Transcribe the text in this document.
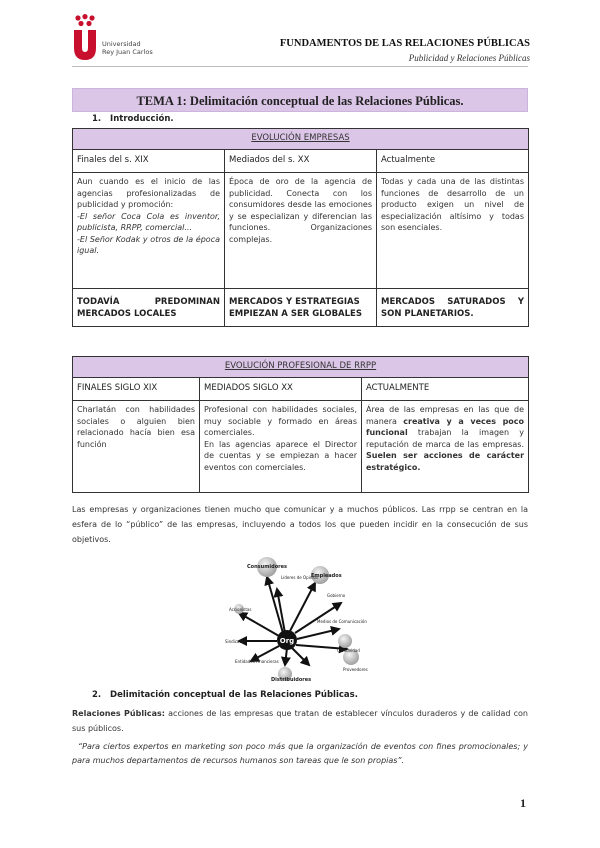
Universidad
Rey Juan Carlos
FUNDAMENTOS DE LAS RELACIONES PÚBLICAS
Publicidad y Relaciones Públicas
TEMA 1: Delimitación conceptual de las Relaciones Públicas.
1. Introducción.
EVOLUCIÓN EMPRESAS		
Finales del s. XIX	Mediados del s. XX	Actualmente
Aun cuando es el inicio de las agencias profesionalizadas de publicidad y promoción:
-El señor Coca Cola es inventor, publicista, RRPP, comercial...
-El Señor Kodak y otros de la época igual.	Época de oro de la agencia de publicidad. Conecta con los consumidores desde las emociones y se especializan y diferencian las funciones. Organizaciones complejas.	Todas y cada una de las distintas funciones de desarrollo de un producto exigen un nivel de especialización altísimo y todas son esenciales.
TODAVÍA PREDOMINAN MERCADOS LOCALES	MERCADOS Y ESTRATEGIAS EMPIEZAN A SER GLOBALES	MERCADOS SATURADOS Y SON PLANETARIOS.
EVOLUCIÓN PROFESIONAL DE RRPP		
FINALES SIGLO XIX	MEDIADOS SIGLO XX	ACTUALMENTE
Charlatán con habilidades sociales o alguien bien relacionado hacía bien esa función	Profesional con habilidades sociales, muy sociable y formado en áreas comerciales.
En las agencias aparece el Director de cuentas y se empiezan a hacer eventos con comerciales.	Área de las empresas en las que de manera creativa y a veces poco funcional trabajan la imagen y reputación de marca de las empresas. Suelen ser acciones de carácter estratégico.
Las empresas y organizaciones tienen mucho que comunicar y a muchos públicos. Las rrpp se centran en la esfera de lo “público” de las empresas, incluyendo a todos los que pueden incidir en la consecución de sus objetivos.
Org
Consumidores
Empleados
Líderes de Opinión
Accionistas
Gobierno
Medios de Comunicación
Comunidad
Proveedores
Sindicatos
Entidades Financieras
Distribuidores
2. Delimitación conceptual de las Relaciones Públicas.
Relaciones Públicas: acciones de las empresas que tratan de establecer vínculos duraderos y de calidad con sus públicos.
“Para ciertos expertos en marketing son poco más que la organización de eventos con fines promocionales; y para muchos departamentos de recursos humanos son tareas que le son propias”.
1
